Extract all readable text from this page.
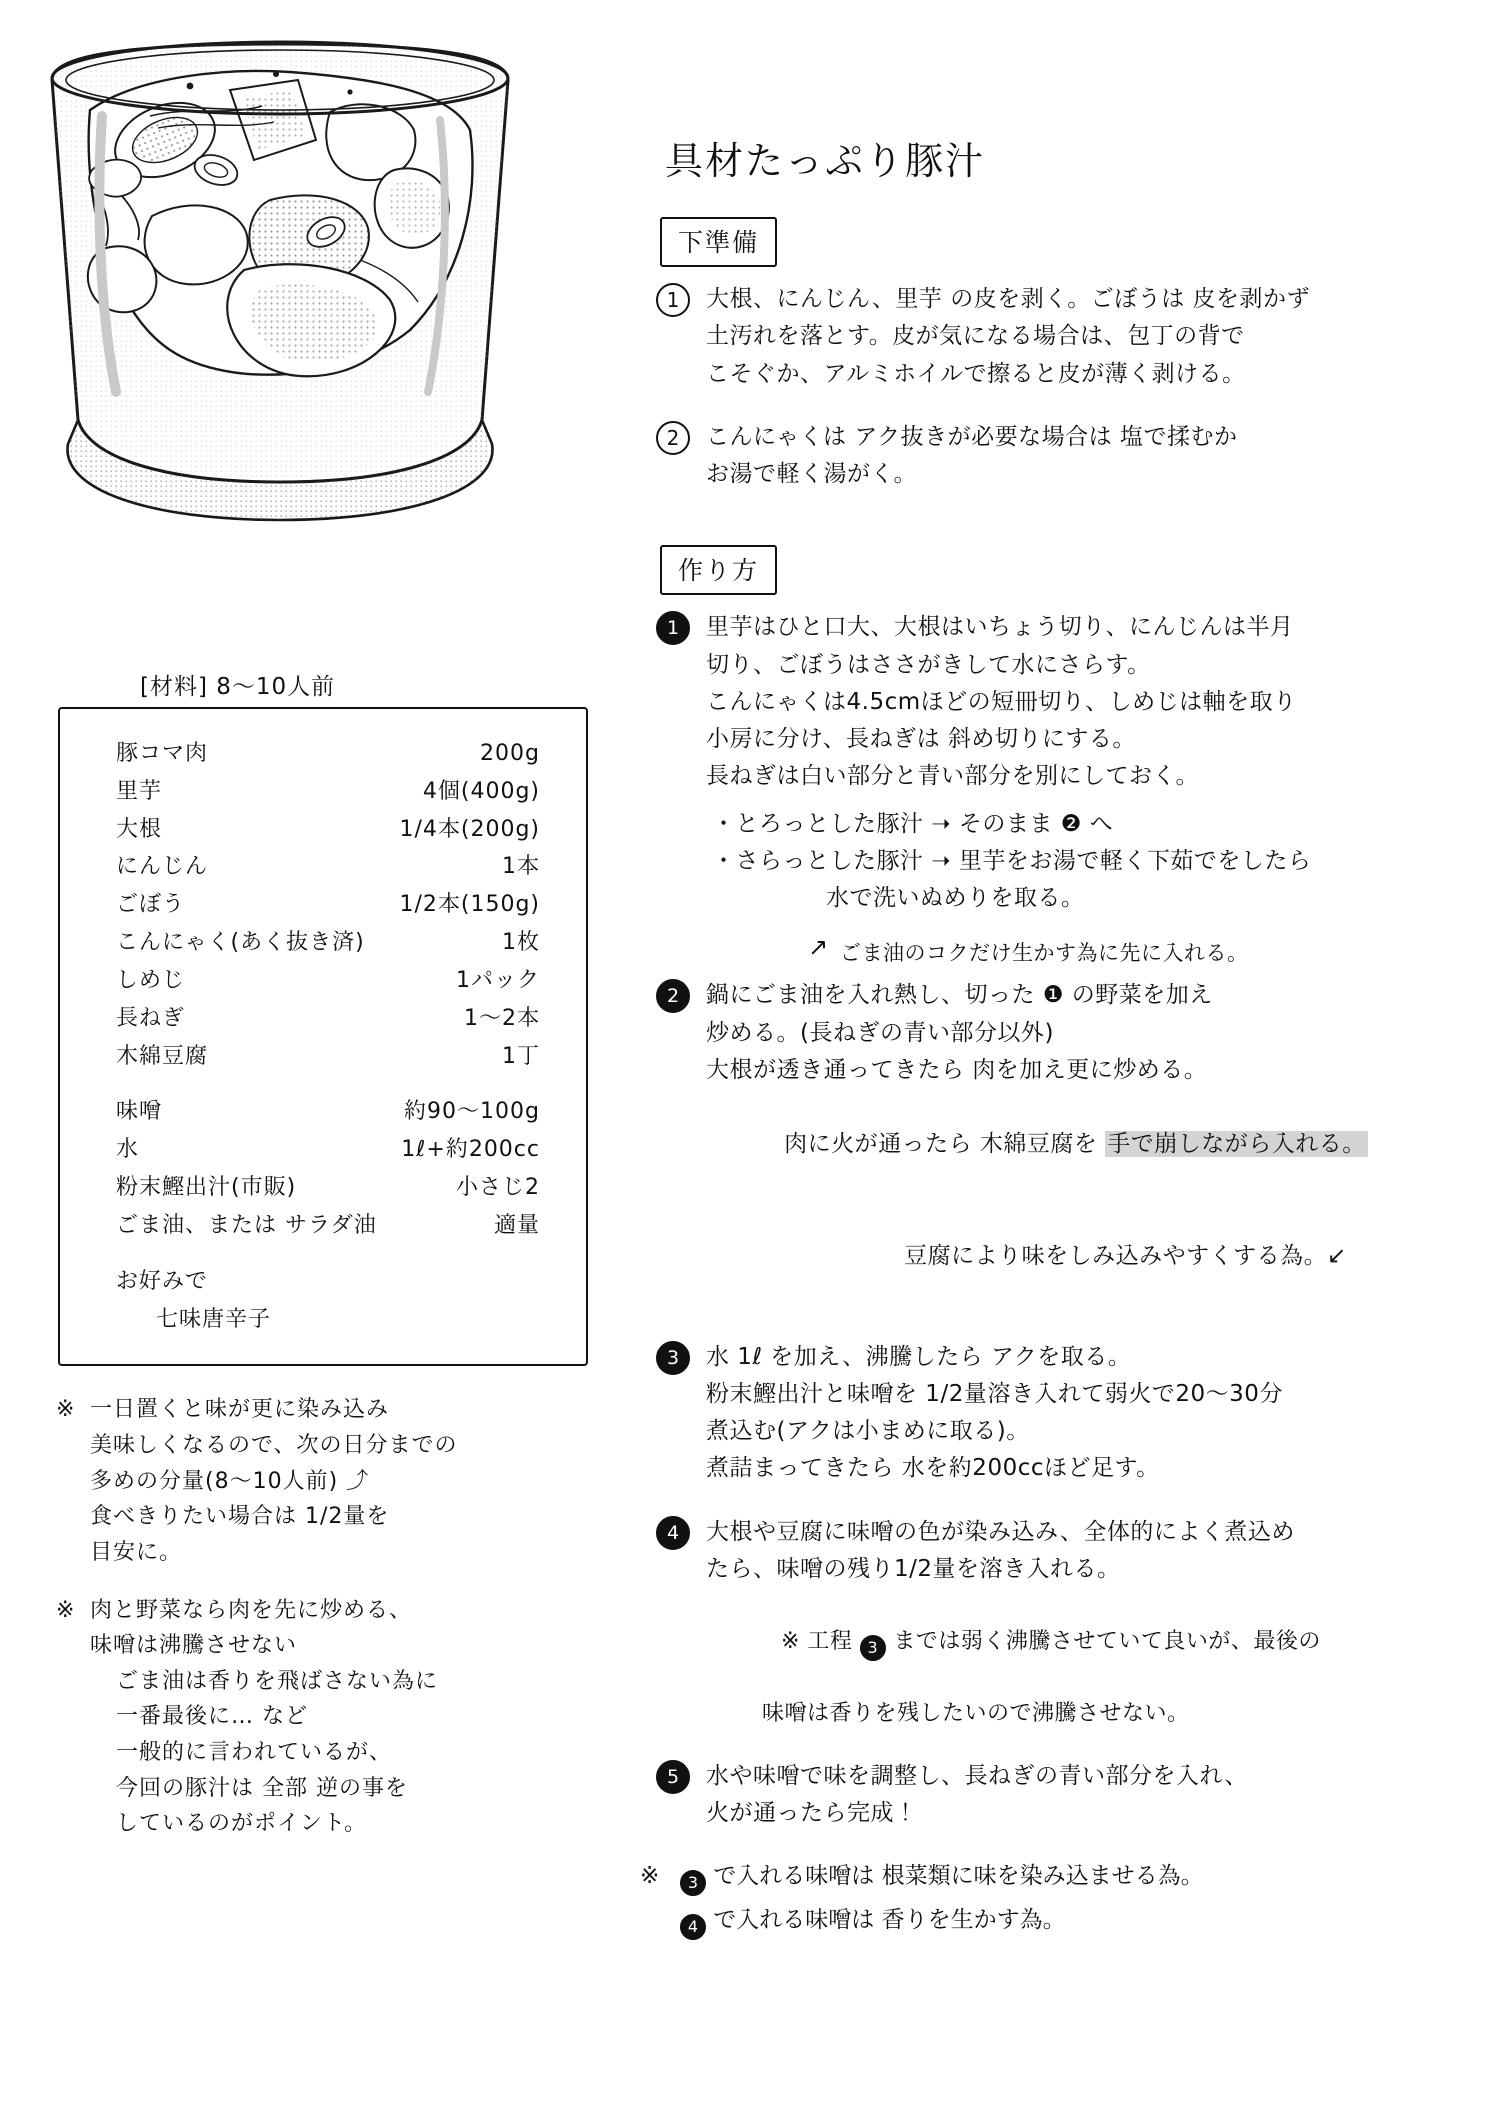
[材料] 8～10人前
豚コマ肉	200g
里芋	4個(400g)
大根	1/4本(200g)
にんじん	1本
ごぼう	1/2本(150g)
こんにゃく(あく抜き済)	1枚
しめじ	1パック
長ねぎ	1～2本
木綿豆腐	1丁
味噌	約90～100g
水	1ℓ+約200cc
粉末鰹出汁(市販)	小さじ2
ごま油、または サラダ油	適量
お好みで
七味唐辛子
※ 一日置くと味が更に染み込み
美味しくなるので、次の日分までの
多めの分量(8～10人前) ⤴
食べきりたい場合は 1/2量を
目安に。
※ 肉と野菜なら肉を先に炒める、
味噌は沸騰させない
ごま油は香りを飛ばさない為に
一番最後に… など
一般的に言われているが、
今回の豚汁は 全部 逆の事を
しているのがポイント。
具材たっぷり豚汁
下準備
1	大根、にんじん、里芋 の皮を剥く。ごぼうは 皮を剥かず
土汚れを落とす。皮が気になる場合は、包丁の背で
こそぐか、アルミホイルで擦ると皮が薄く剥ける。
2	こんにゃくは アク抜きが必要な場合は 塩で揉むか
お湯で軽く湯がく。
作り方
1	里芋はひと口大、大根はいちょう切り、にんじんは半月
切り、ごぼうはささがきして水にさらす。
こんにゃくは4.5cmほどの短冊切り、しめじは軸を取り
小房に分け、長ねぎは 斜め切りにする。
長ねぎは白い部分と青い部分を別にしておく。
・とろっとした豚汁 ➝ そのまま ❷ へ
・さらっとした豚汁 ➝ 里芋をお湯で軽く下茹でをしたら
水で洗いぬめりを取る。
↗ ごま油のコクだけ生かす為に先に入れる。
2	鍋にごま油を入れ熱し、切った ❶ の野菜を加え
炒める。(長ねぎの青い部分以外)
大根が透き通ってきたら 肉を加え更に炒める。

肉に火が通ったら 木綿豆腐を 手で崩しながら入れる。

豆腐により味をしみ込みやすくする為。↙

3	水 1ℓ を加え、沸騰したら アクを取る。
粉末鰹出汁と味噌を 1/2量溶き入れて弱火で20～30分
煮込む(アクは小まめに取る)。
煮詰まってきたら 水を約200ccほど足す。
4	大根や豆腐に味噌の色が染み込み、全体的によく煮込め
たら、味噌の残り1/2量を溶き入れる。

※ 工程 3 までは弱く沸騰させていて良いが、最後の

味噌は香りを残したいので沸騰させない。
5	水や味噌で味を調整し、長ねぎの青い部分を入れ、
火が通ったら完成！
※	3 で入れる味噌は 根菜類に味を染み込ませる為。
4 で入れる味噌は 香りを生かす為。
